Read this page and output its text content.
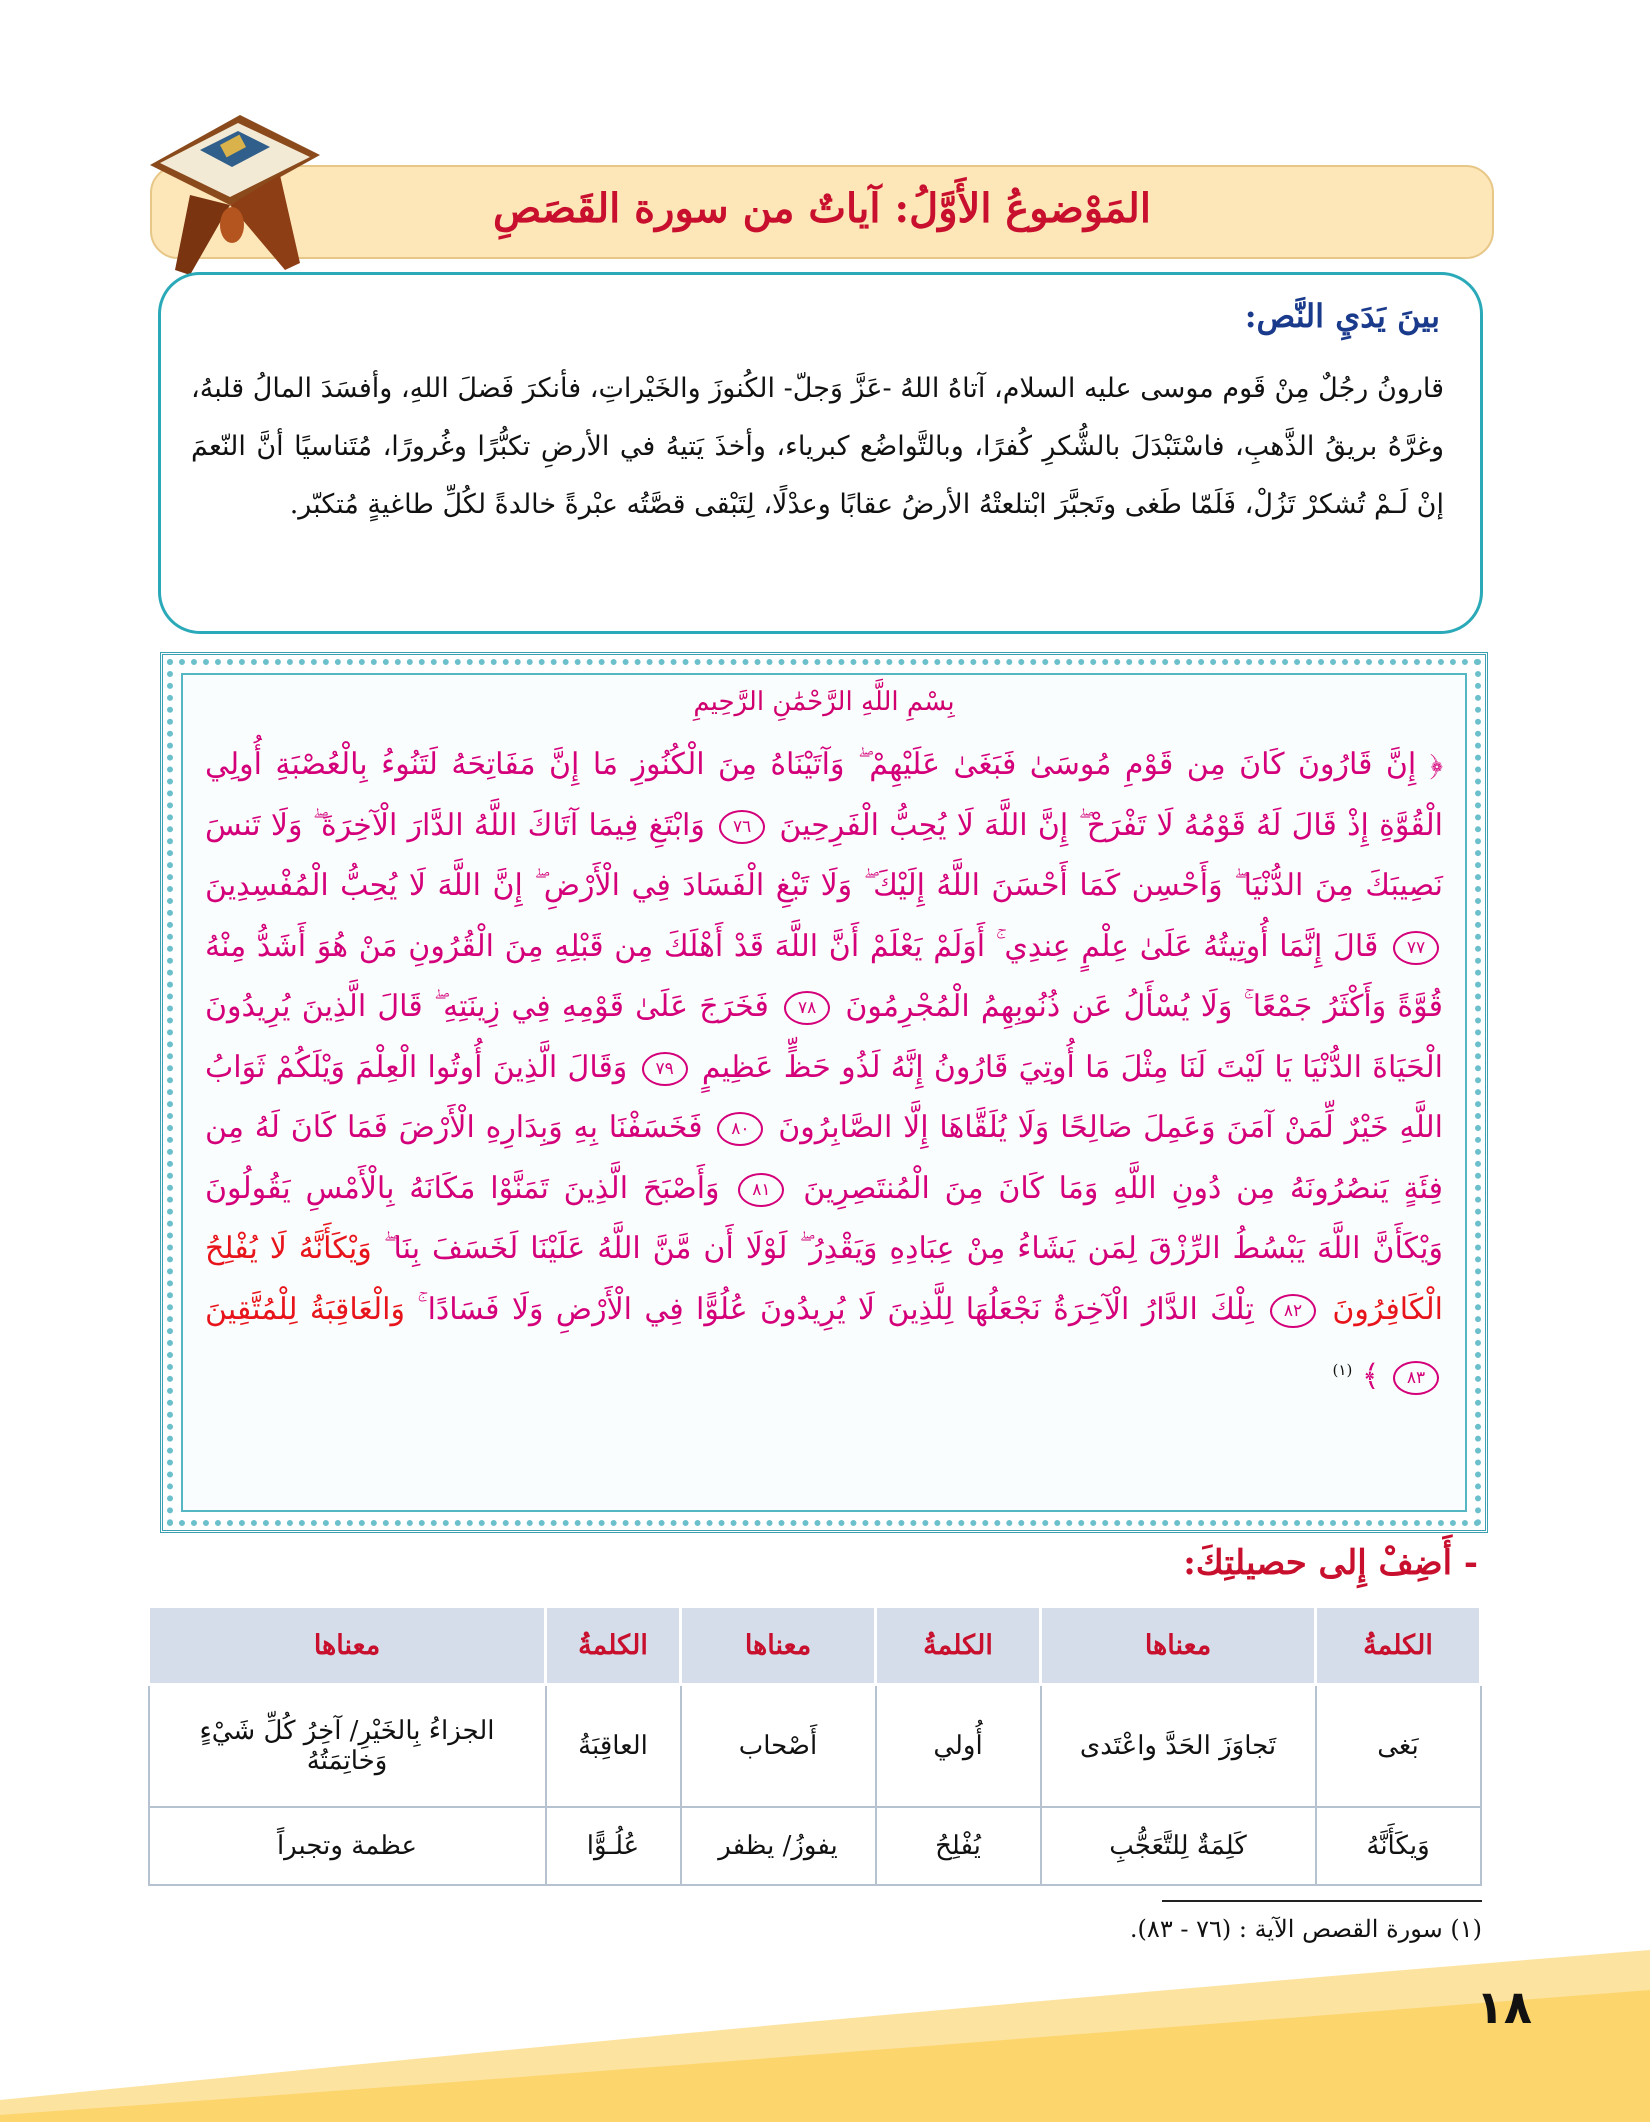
المَوْضوعُ الأَوَّلُ: آياتٌ من سورة القَصَصِ
بينَ يَدَيِ النَّص:
قارونُ رجُلٌ مِنْ قَوم موسى عليه السلام، آتاهُ اللهُ -عَزَّ وَجلّ- الكُنوزَ والخَيْراتِ، فأنكرَ فَضلَ اللهِ، وأفسَدَ المالُ قلبهُ، وغرَّهُ بريقُ الذَّهبِ، فاسْتَبْدَلَ بالشُّكرِ كُفرًا، وبالتَّواضُع كبرياء، وأخذَ يَتيهُ في الأرضِ تكبُّرًا وغُرورًا، مُتَناسيًا أنَّ النّعمَ إنْ لَـمْ تُشكرْ تَزُلْ، فَلَمّا طَغى وتَجبَّرَ ابْتلعتْهُ الأرضُ عقابًا وعدْلًا، لِتَبْقى قصَّتُه عبْرةً خالدةً لكُلِّ طاغيةٍ مُتكبّر.
بِسْمِ اللَّهِ الرَّحْمَٰنِ الرَّحِيمِ
﴿ إِنَّ قَارُونَ كَانَ مِن قَوْمِ مُوسَىٰ فَبَغَىٰ عَلَيْهِمْ ۖ وَآتَيْنَاهُ مِنَ الْكُنُوزِ مَا إِنَّ مَفَاتِحَهُ لَتَنُوءُ بِالْعُصْبَةِ أُولِي الْقُوَّةِ إِذْ قَالَ لَهُ قَوْمُهُ لَا تَفْرَحْ ۖ إِنَّ اللَّهَ لَا يُحِبُّ الْفَرِحِينَ ٧٦ وَابْتَغِ فِيمَا آتَاكَ اللَّهُ الدَّارَ الْآخِرَةَ ۖ وَلَا تَنسَ نَصِيبَكَ مِنَ الدُّنْيَا ۖ وَأَحْسِن كَمَا أَحْسَنَ اللَّهُ إِلَيْكَ ۖ وَلَا تَبْغِ الْفَسَادَ فِي الْأَرْضِ ۖ إِنَّ اللَّهَ لَا يُحِبُّ الْمُفْسِدِينَ ٧٧ قَالَ إِنَّمَا أُوتِيتُهُ عَلَىٰ عِلْمٍ عِندِي ۚ أَوَلَمْ يَعْلَمْ أَنَّ اللَّهَ قَدْ أَهْلَكَ مِن قَبْلِهِ مِنَ الْقُرُونِ مَنْ هُوَ أَشَدُّ مِنْهُ قُوَّةً وَأَكْثَرُ جَمْعًا ۚ وَلَا يُسْأَلُ عَن ذُنُوبِهِمُ الْمُجْرِمُونَ ٧٨ فَخَرَجَ عَلَىٰ قَوْمِهِ فِي زِينَتِهِ ۖ قَالَ الَّذِينَ يُرِيدُونَ الْحَيَاةَ الدُّنْيَا يَا لَيْتَ لَنَا مِثْلَ مَا أُوتِيَ قَارُونُ إِنَّهُ لَذُو حَظٍّ عَظِيمٍ ٧٩ وَقَالَ الَّذِينَ أُوتُوا الْعِلْمَ وَيْلَكُمْ ثَوَابُ اللَّهِ خَيْرٌ لِّمَنْ آمَنَ وَعَمِلَ صَالِحًا وَلَا يُلَقَّاهَا إِلَّا الصَّابِرُونَ ٨٠ فَخَسَفْنَا بِهِ وَبِدَارِهِ الْأَرْضَ فَمَا كَانَ لَهُ مِن فِئَةٍ يَنصُرُونَهُ مِن دُونِ اللَّهِ وَمَا كَانَ مِنَ الْمُنتَصِرِينَ ٨١ وَأَصْبَحَ الَّذِينَ تَمَنَّوْا مَكَانَهُ بِالْأَمْسِ يَقُولُونَ وَيْكَأَنَّ اللَّهَ يَبْسُطُ الرِّزْقَ لِمَن يَشَاءُ مِنْ عِبَادِهِ وَيَقْدِرُ ۖ لَوْلَا أَن مَّنَّ اللَّهُ عَلَيْنَا لَخَسَفَ بِنَا ۖ وَيْكَأَنَّهُ لَا يُفْلِحُ الْكَافِرُونَ ٨٢ تِلْكَ الدَّارُ الْآخِرَةُ نَجْعَلُهَا لِلَّذِينَ لَا يُرِيدُونَ عُلُوًّا فِي الْأَرْضِ وَلَا فَسَادًا ۚ وَالْعَاقِبَةُ لِلْمُتَّقِينَ ٨٣ ﴾ $^{(١)}$
- أَضِفْ إِلى حصيلتِكَ:
الكلمةُ	معناها	الكلمةُ	معناها	الكلمةُ	معناها
بَغى	تَجاوَزَ الحَدَّ واعْتَدى	أُولي	أَصْحاب	العاقِبَةُ	الجزاءُ بِالخَيْرِ/ آخِرُ كُلِّ شَيْءٍ وَخاتِمَتُهُ
وَيكَأَنَّهُ	كَلِمَةٌ لِلتَّعَجُّبِ	يُفْلِحُ	يفوزُ/ يظفر	عُلُـوًّا	عظمة وتجبراً
(١) سورة القصص الآية : (٧٦ - ٨٣).
١٨
